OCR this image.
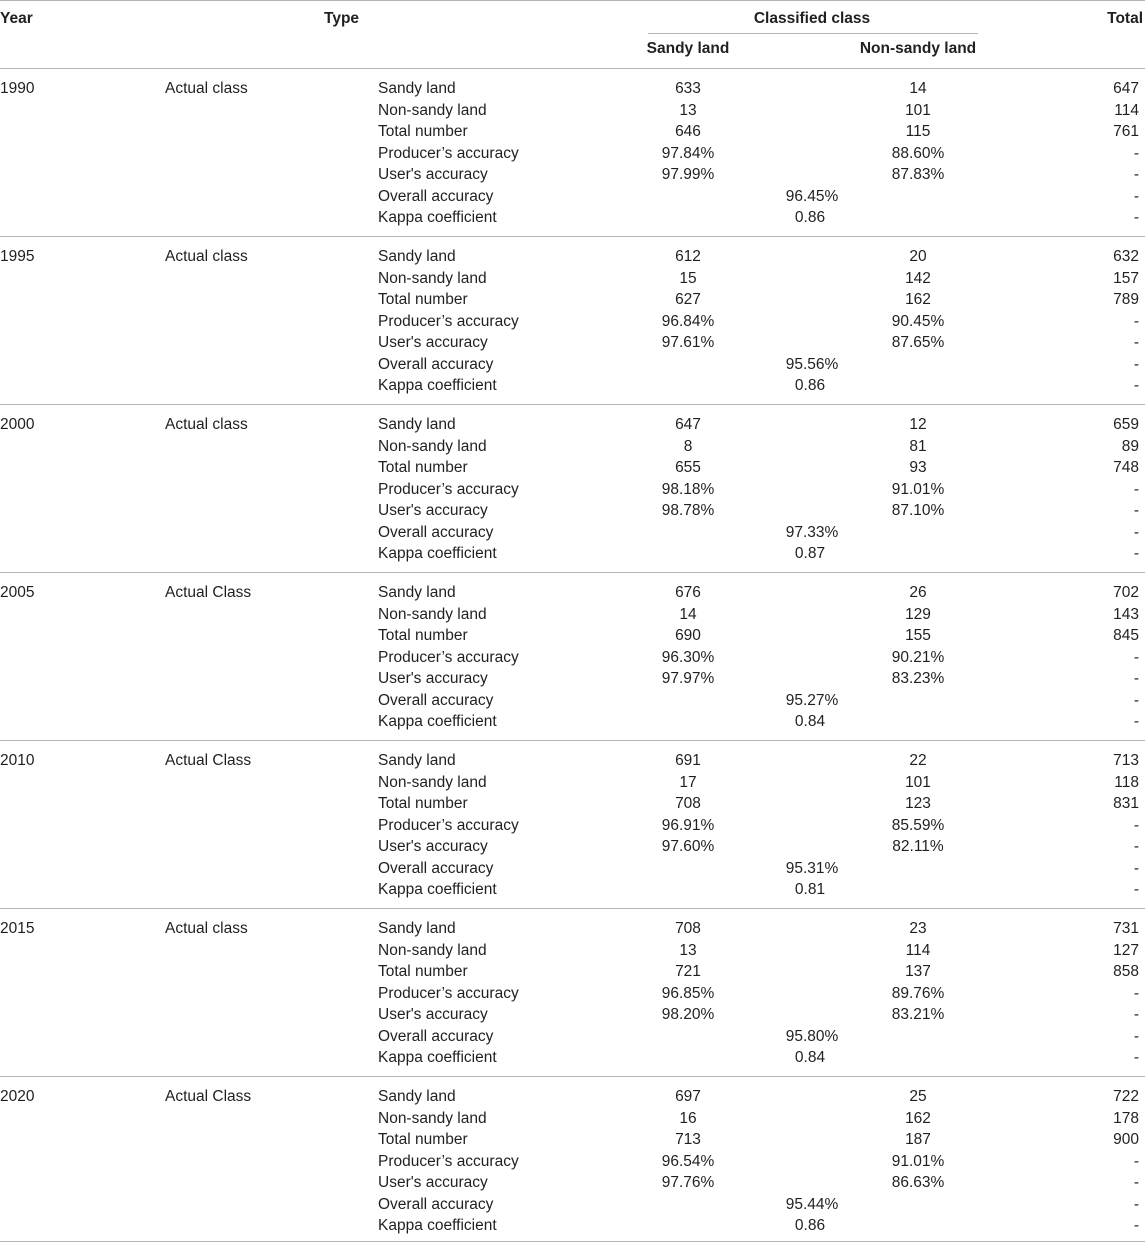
Year	Type	Classified class
Sandy land	Non-sandy land
Total
1990	Actual class	Sandy land	633	14	647
Non-sandy land	13	101	114
Total number	646	115	761
Producer’s accuracy	97.84%	88.60%	-
User's accuracy	97.99%	87.83%	-
Overall accuracy	96.45%	-
Kappa coefficient	0.86	-
1995	Actual class	Sandy land	612	20	632
Non-sandy land	15	142	157
Total number	627	162	789
Producer’s accuracy	96.84%	90.45%	-
User's accuracy	97.61%	87.65%	-
Overall accuracy	95.56%	-
Kappa coefficient	0.86	-
2000	Actual class	Sandy land	647	12	659
Non-sandy land	8	81	89
Total number	655	93	748
Producer’s accuracy	98.18%	91.01%	-
User's accuracy	98.78%	87.10%	-
Overall accuracy	97.33%	-
Kappa coefficient	0.87	-
2005	Actual Class	Sandy land	676	26	702
Non-sandy land	14	129	143
Total number	690	155	845
Producer’s accuracy	96.30%	90.21%	-
User's accuracy	97.97%	83.23%	-
Overall accuracy	95.27%	-
Kappa coefficient	0.84	-
2010	Actual Class	Sandy land	691	22	713
Non-sandy land	17	101	118
Total number	708	123	831
Producer’s accuracy	96.91%	85.59%	-
User's accuracy	97.60%	82.11%	-
Overall accuracy	95.31%	-
Kappa coefficient	0.81	-
2015	Actual class	Sandy land	708	23	731
Non-sandy land	13	114	127
Total number	721	137	858
Producer’s accuracy	96.85%	89.76%	-
User's accuracy	98.20%	83.21%	-
Overall accuracy	95.80%	-
Kappa coefficient	0.84	-
2020	Actual Class	Sandy land	697	25	722
Non-sandy land	16	162	178
Total number	713	187	900
Producer’s accuracy	96.54%	91.01%	-
User's accuracy	97.76%	86.63%	-
Overall accuracy	95.44%	-
Kappa coefficient	0.86	-
